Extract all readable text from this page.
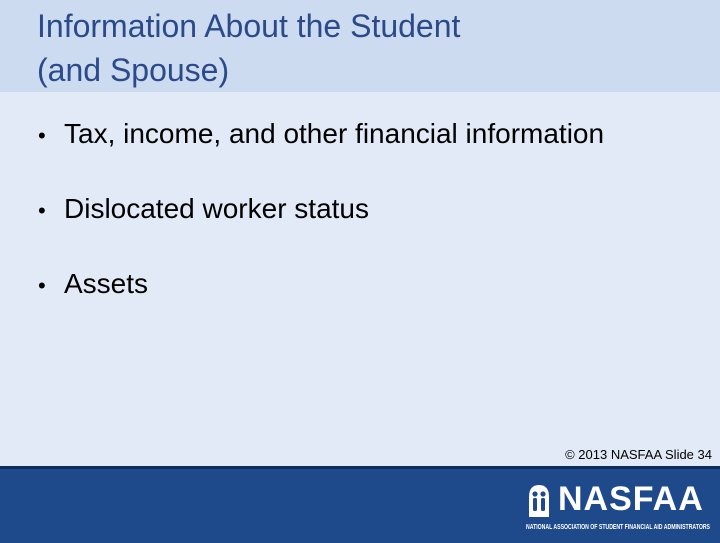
Information About the Student
(and Spouse)
• Tax, income, and other financial information
• Dislocated worker status
• Assets
© 2013 NASFAA Slide 34
NASFAA
NATIONAL ASSOCIATION OF STUDENT FINANCIAL AID ADMINISTRATORS
